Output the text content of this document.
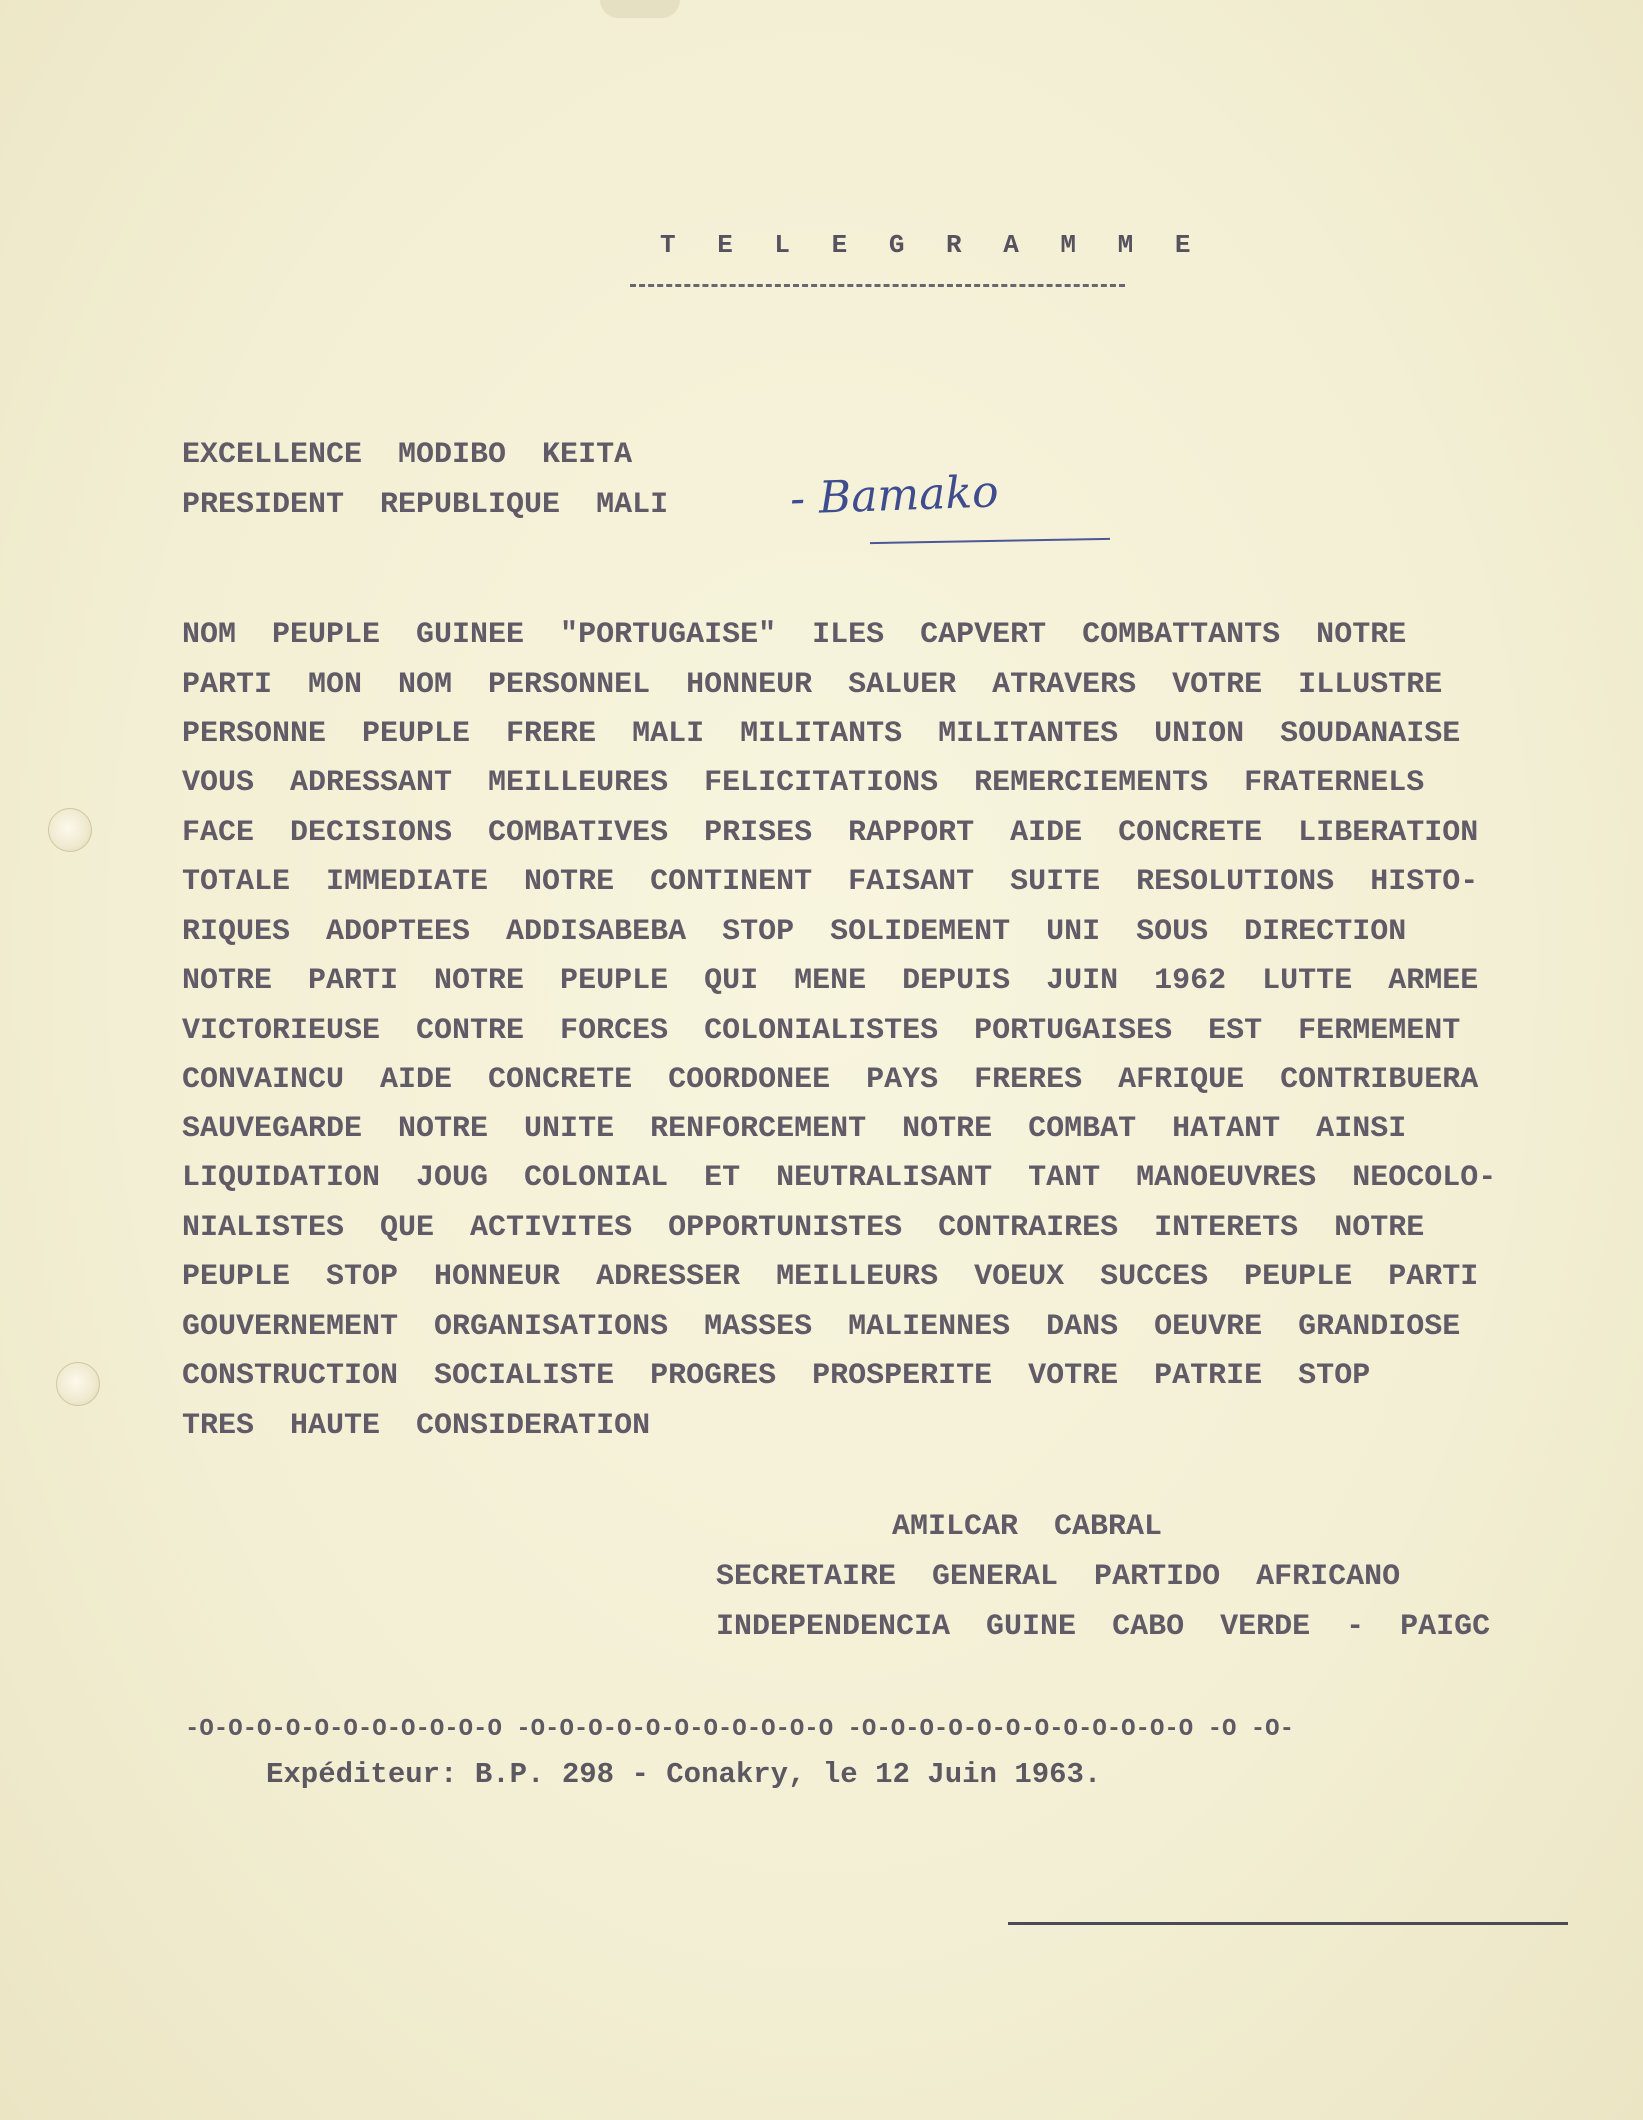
T E L E G R A M M E
EXCELLENCE  MODIBO  KEITA
PRESIDENT  REPUBLIQUE  MALI	- Bamako
NOM  PEUPLE  GUINEE  "PORTUGAISE"  ILES  CAPVERT  COMBATTANTS  NOTRE
PARTI  MON  NOM  PERSONNEL  HONNEUR  SALUER  ATRAVERS  VOTRE  ILLUSTRE
PERSONNE  PEUPLE  FRERE  MALI  MILITANTS  MILITANTES  UNION  SOUDANAISE
VOUS  ADRESSANT  MEILLEURES  FELICITATIONS  REMERCIEMENTS  FRATERNELS
FACE  DECISIONS  COMBATIVES  PRISES  RAPPORT  AIDE  CONCRETE  LIBERATION
TOTALE  IMMEDIATE  NOTRE  CONTINENT  FAISANT  SUITE  RESOLUTIONS  HISTO-
RIQUES  ADOPTEES  ADDISABEBA  STOP  SOLIDEMENT  UNI  SOUS  DIRECTION
NOTRE  PARTI  NOTRE  PEUPLE  QUI  MENE  DEPUIS  JUIN  1962  LUTTE  ARMEE
VICTORIEUSE  CONTRE  FORCES  COLONIALISTES  PORTUGAISES  EST  FERMEMENT
CONVAINCU  AIDE  CONCRETE  COORDONEE  PAYS  FRERES  AFRIQUE  CONTRIBUERA
SAUVEGARDE  NOTRE  UNITE  RENFORCEMENT  NOTRE  COMBAT  HATANT  AINSI
LIQUIDATION  JOUG  COLONIAL  ET  NEUTRALISANT  TANT  MANOEUVRES  NEOCOLO-
NIALISTES  QUE  ACTIVITES  OPPORTUNISTES  CONTRAIRES  INTERETS  NOTRE
PEUPLE  STOP  HONNEUR  ADRESSER  MEILLEURS  VOEUX  SUCCES  PEUPLE  PARTI
GOUVERNEMENT  ORGANISATIONS  MASSES  MALIENNES  DANS  OEUVRE  GRANDIOSE
CONSTRUCTION  SOCIALISTE  PROGRES  PROSPERITE  VOTRE  PATRIE  STOP
TRES  HAUTE  CONSIDERATION
AMILCAR  CABRAL
SECRETAIRE  GENERAL  PARTIDO  AFRICANO
INDEPENDENCIA  GUINE  CABO  VERDE  -  PAIGC
-O-O-O-O-O-O-O-O-O-O-O -O-O-O-O-O-O-O-O-O-O-O -O-O-O-O-O-O-O-O-O-O-O-O -O -O-
Expéditeur: B.P. 298 - Conakry, le 12 Juin 1963.
